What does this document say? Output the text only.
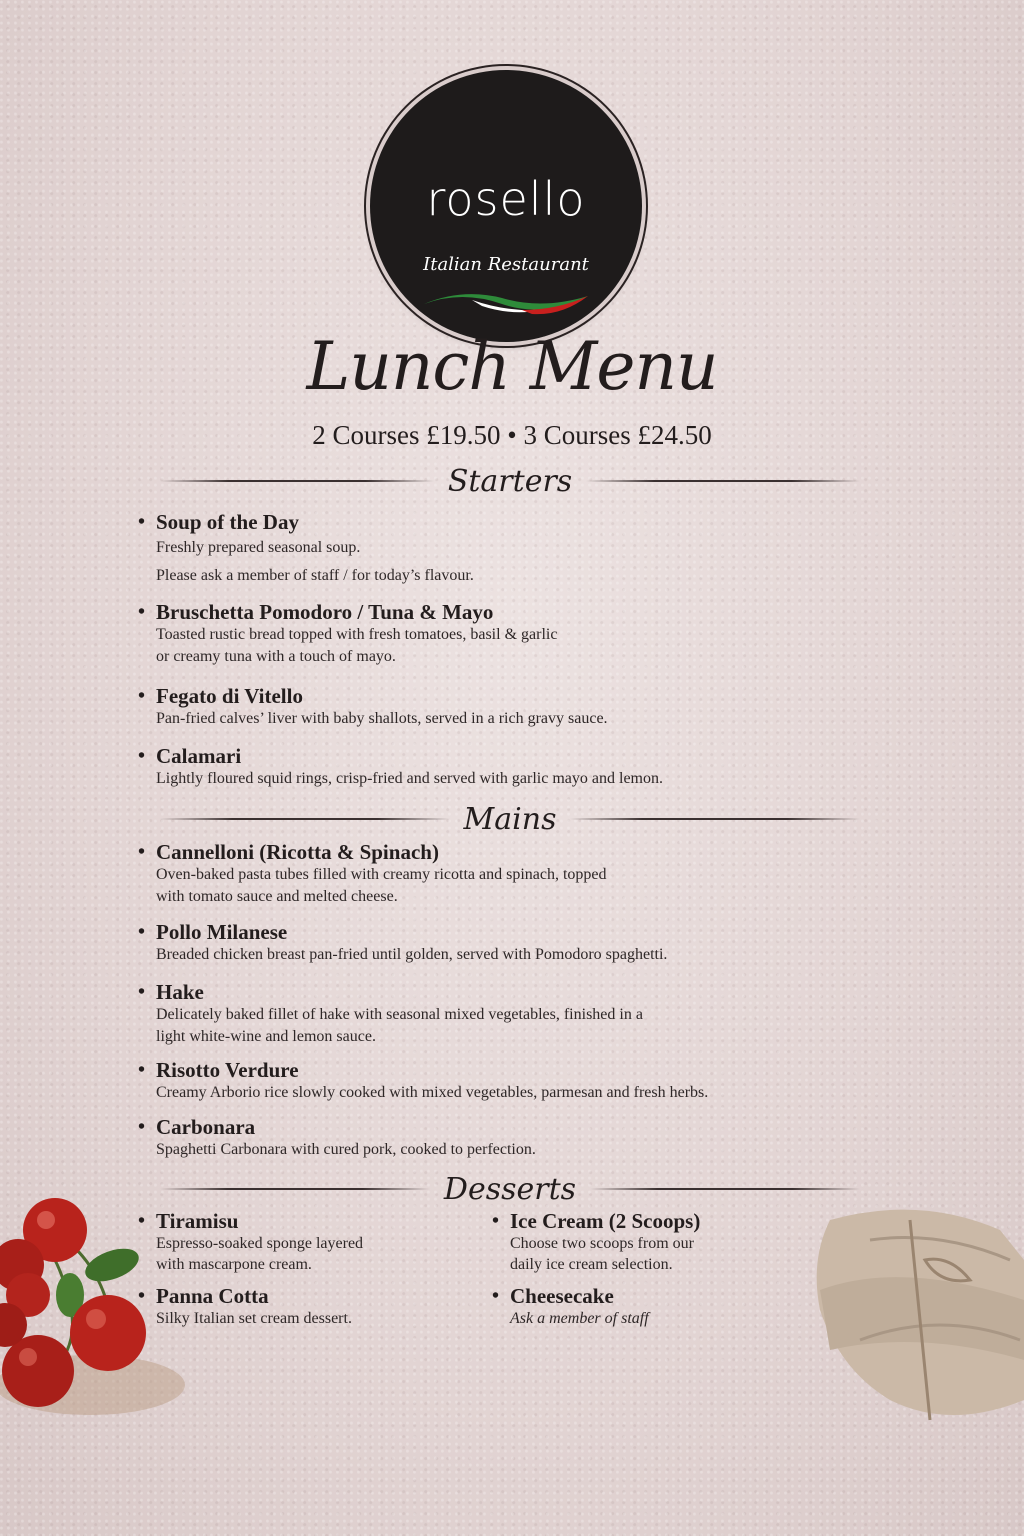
rosello
Italian Restaurant
Lunch Menu
2 Courses £19.50 • 3 Courses £24.50
Starters
• Soup of the Day
Freshly prepared seasonal soup.
Please ask a member of staff / for today’s flavour.
• Bruschetta Pomodoro / Tuna & Mayo
Toasted rustic bread topped with fresh tomatoes, basil & garlic
or creamy tuna with a touch of mayo.
• Fegato di Vitello
Pan-fried calves’ liver with baby shallots, served in a rich gravy sauce.
• Calamari
Lightly floured squid rings, crisp-fried and served with garlic mayo and lemon.
Mains
• Cannelloni (Ricotta & Spinach)
Oven-baked pasta tubes filled with creamy ricotta and spinach, topped
with tomato sauce and melted cheese.
• Pollo Milanese
Breaded chicken breast pan-fried until golden, served with Pomodoro spaghetti.
• Hake
Delicately baked fillet of hake with seasonal mixed vegetables, finished in a
light white-wine and lemon sauce.
• Risotto Verdure
Creamy Arborio rice slowly cooked with mixed vegetables, parmesan and fresh herbs.
• Carbonara
Spaghetti Carbonara with cured pork, cooked to perfection.
Desserts
• Tiramisu
Espresso-soaked sponge layered
with mascarpone cream.
• Panna Cotta
Silky Italian set cream dessert.
• Ice Cream (2 Scoops)
Choose two scoops from our
daily ice cream selection.
• Cheesecake
Ask a member of staff
